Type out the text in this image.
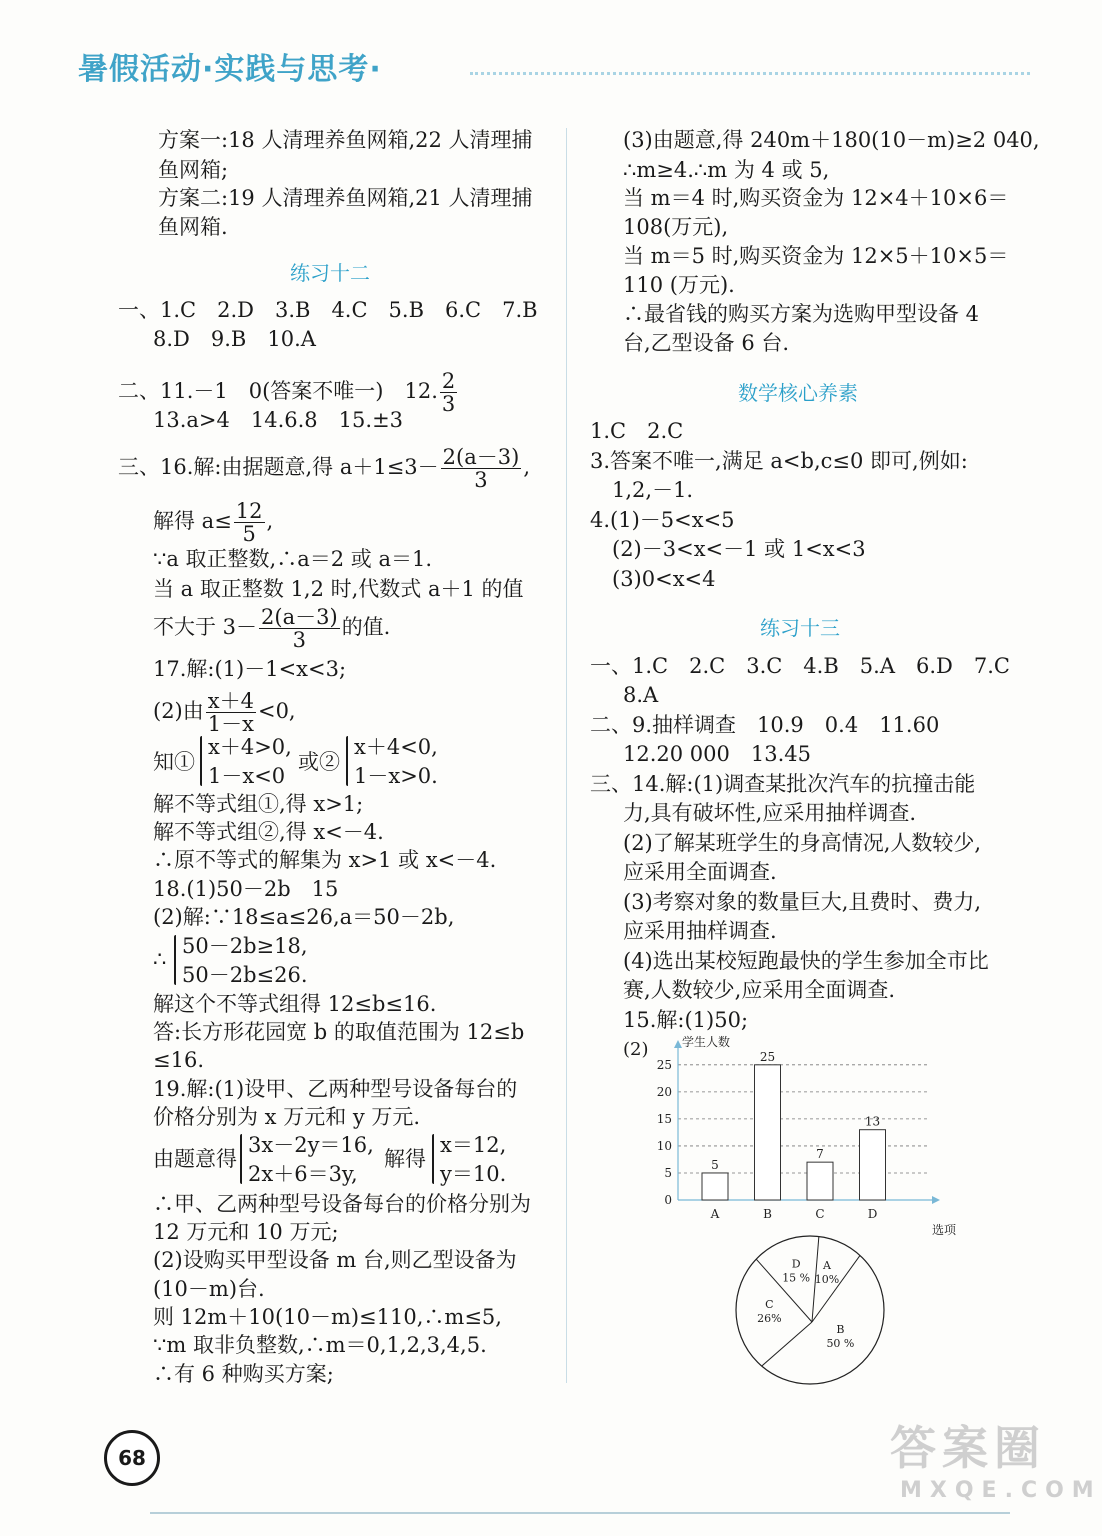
暑假活动·实践与思考·
方案一:18 人清理养鱼网箱,22 人清理捕
鱼网箱;
方案二:19 人清理养鱼网箱,21 人清理捕
鱼网箱.
练习十二
一、1.C　2.D　3.B　4.C　5.B　6.C　7.B
8.D　9.B　10.A
二、11.－1　0(答案不唯一)　12. $\frac{2}{3}$
13.a>4　14.6.8　15.±3
三、16.解:由据题意,得 $a+1\le 3- \frac{2(a-3)}{3}$ ,
解得 $a\le \frac{12}{5}$ ,
∵a 取正整数,∴a＝2 或 a＝1.
当 a 取正整数 1,2 时,代数式 a＋1 的值
不大于 $3- \frac{2(a-3)}{3}$ 的值.
17.解:(1)－1<x<3;
(2)由 $\frac{x+4}{1-x} <0$,
知①
x＋4>0,
1－x<0
或②
x＋4<0,
1－x>0.
解不等式组①,得 x>1;
解不等式组②,得 x<－4.
∴原不等式的解集为 x>1 或 x<－4.
18.(1)50－2b　15
(2)解:∵18≤a≤26,a＝50－2b,
∴
50－2b≥18,
50－2b≤26.
解这个不等式组得 12≤b≤16.
答:长方形花园宽 b 的取值范围为 12≤b
≤16.
19.解:(1)设甲、乙两种型号设备每台的
价格分别为 x 万元和 y 万元.
由题意得
3x－2y＝16,
2x＋6＝3y,
解得
x＝12,
y＝10.
∴甲、乙两种型号设备每台的价格分别为
12 万元和 10 万元;
(2)设购买甲型设备 m 台,则乙型设备为
(10－m)台.
则 12m＋10(10－m)≤110,∴m≤5,
∵m 取非负整数,∴m＝0,1,2,3,4,5.
∴有 6 种购买方案;
(3)由题意,得 240m＋180(10－m)≥2 040,
∴m≥4.∴m 为 4 或 5,
当 m＝4 时,购买资金为 12×4＋10×6＝
108(万元),
当 m＝5 时,购买资金为 12×5＋10×5＝
110 (万元).
∴最省钱的购买方案为选购甲型设备 4
台,乙型设备 6 台.
数学核心养素
1.C　2.C
3.答案不唯一,满足 a<b,c≤0 即可,例如:
1,2,－1.
4.(1)－5<x<5
(2)－3<x<－1 或 1<x<3
(3)0<x<4
练习十三
一、1.C　2.C　3.C　4.B　5.A　6.D　7.C
8.A
二、9.抽样调查　10.9　0.4　11.60
12.20 000　13.45
三、14.解:(1)调查某批次汽车的抗撞击能
力,具有破坏性,应采用抽样调查.
(2)了解某班学生的身高情况,人数较少,
应采用全面调查.
(3)考察对象的数量巨大,且费时、费力,
应采用抽样调查.
(4)选出某校短跑最快的学生参加全市比
赛,人数较少,应采用全面调查.
15.解:(1)50;
(2)
0
5
10
15
20
25
学生人数
选项
5
A
25
B
7
C
13
D
A
10%
B
50 %
C
26%
D
15 %
68	答案圈
MXQE.COM
